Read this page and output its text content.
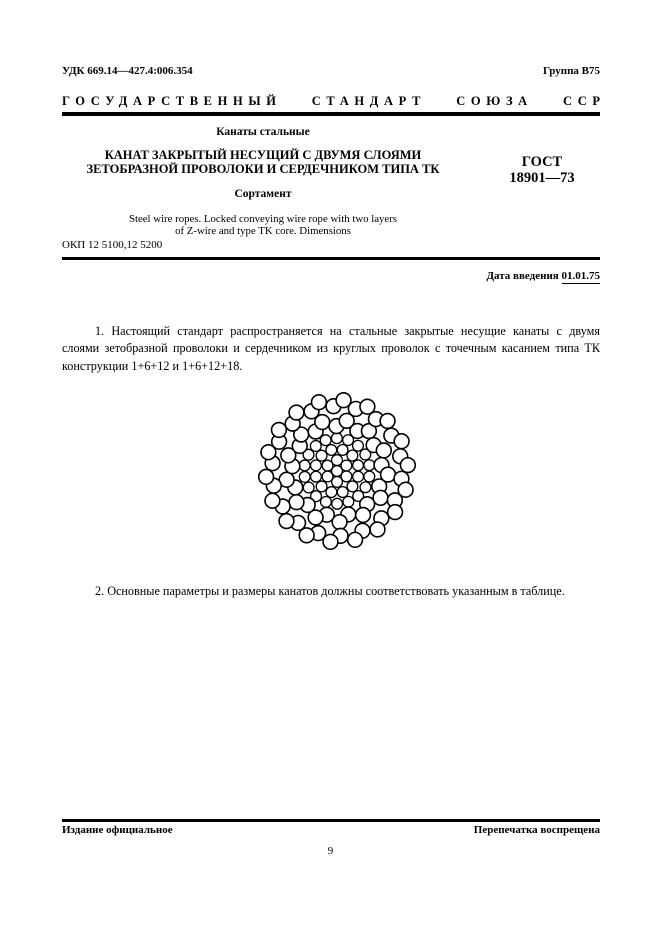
УДК 669.14—427.4:006.354	Группа В75
ГОСУДАРСТВЕННЫЙ СТАНДАРТ СОЮЗА ССР
Канаты стальные
КАНАТ ЗАКРЫТЫЙ НЕСУЩИЙ С ДВУМЯ СЛОЯМИ
ЗЕТОБРАЗНОЙ ПРОВОЛОКИ И СЕРДЕЧНИКОМ ТИПА ТК	ГОСТ
18901—73
Сортамент
Steel wire ropes. Locked conveying wire rope with two layers
of Z-wire and type TK core. Dimensions
ОКП 12 5100,12 5200
Дата введения 01.01.75
1. Настоящий стандарт распространяется на стальные закрытые несущие канаты с двумя
слоями зетобразной проволоки и сердечником из круглых проволок с точечным касанием типа ТК
конструкции 1+6+12 и 1+6+12+18.
2. Основные параметры и размеры канатов должны соответствовать указанным в таблице.
Издание официальное	Перепечатка воспрещена
9
